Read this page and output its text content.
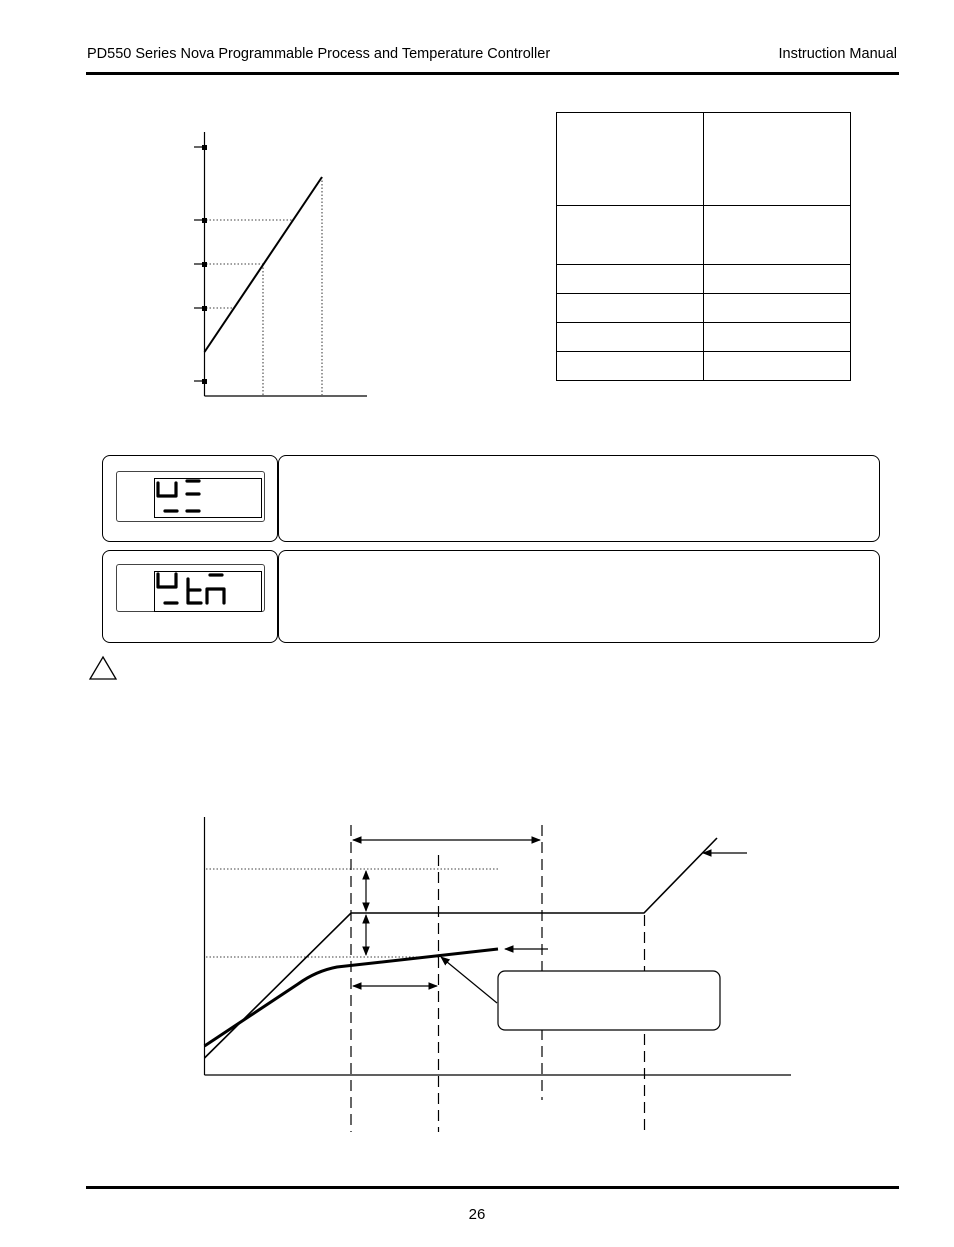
PD550 Series Nova Programmable Process and Temperature Controller	Instruction Manual

26
